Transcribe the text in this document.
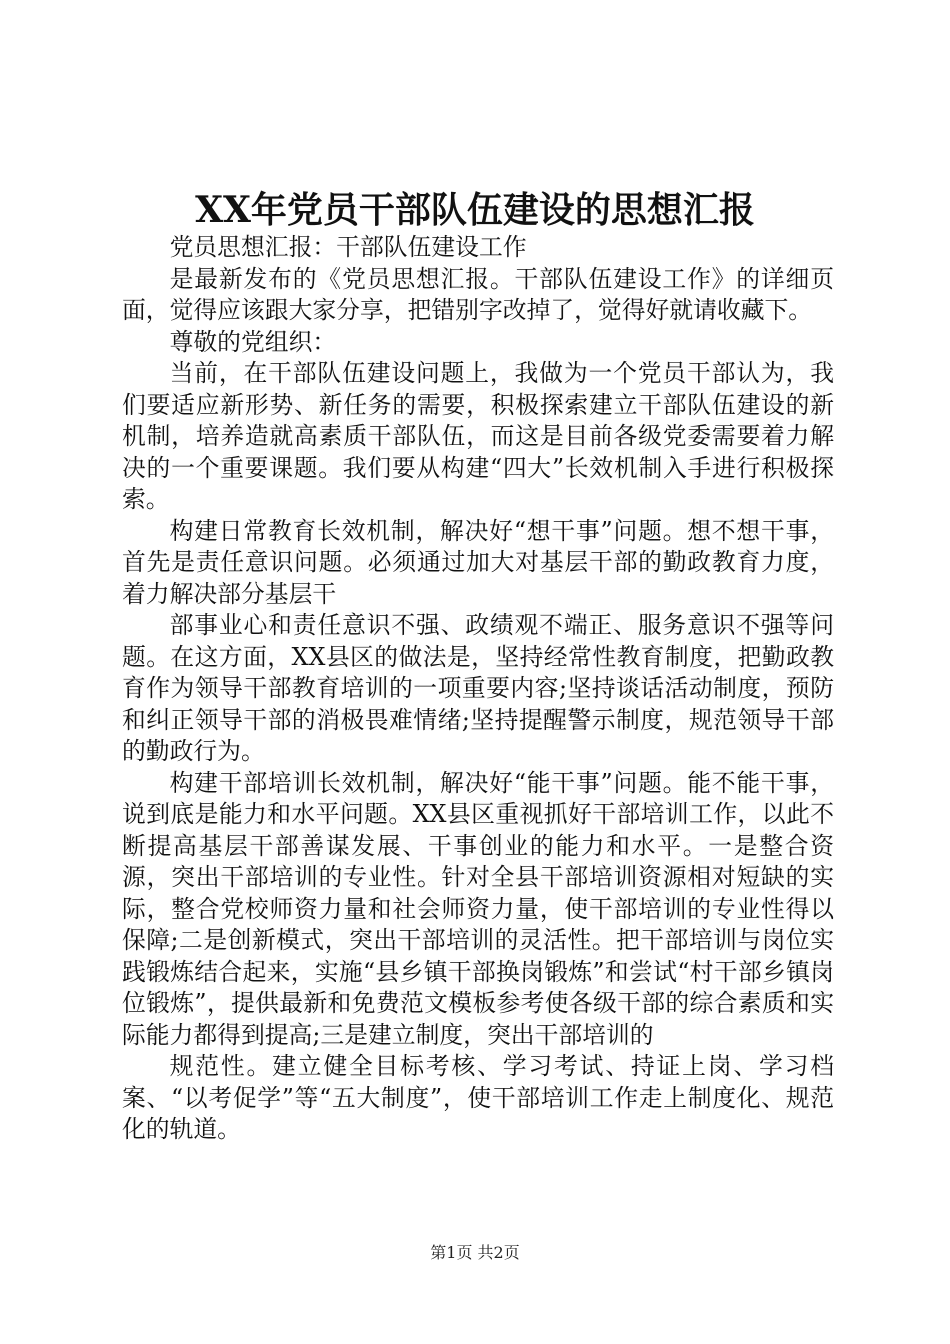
XX年党员干部队伍建设的思想汇报

党员思想汇报：干部队伍建设工作

是最新发布的《党员思想汇报。干部队伍建设工作》的详细页面，觉得应该跟大家分享，把错别字改掉了，觉得好就请收藏下。

尊敬的党组织：

当前，在干部队伍建设问题上，我做为一个党员干部认为，我们要适应新形势、新任务的需要，积极探索建立干部队伍建设的新机制，培养造就高素质干部队伍，而这是目前各级党委需要着力解决的一个重要课题。我们要从构建“四大”长效机制入手进行积极探索。

构建日常教育长效机制，解决好“想干事”问题。想不想干事，首先是责任意识问题。必须通过加大对基层干部的勤政教育力度，着力解决部分基层干

部事业心和责任意识不强、政绩观不端正、服务意识不强等问题。在这方面，XX县区的做法是，坚持经常性教育制度，把勤政教育作为领导干部教育培训的一项重要内容;坚持谈话活动制度，预防和纠正领导干部的消极畏难情绪;坚持提醒警示制度，规范领导干部的勤政行为。

构建干部培训长效机制，解决好“能干事”问题。能不能干事，说到底是能力和水平问题。XX县区重视抓好干部培训工作，以此不断提高基层干部善谋发展、干事创业的能力和水平。一是整合资源，突出干部培训的专业性。针对全县干部培训资源相对短缺的实际，整合党校师资力量和社会师资力量，使干部培训的专业性得以保障;二是创新模式，突出干部培训的灵活性。把干部培训与岗位实践锻炼结合起来，实施“县乡镇干部换岗锻炼”和尝试“村干部乡镇岗位锻炼”，提供最新和免费范文模板参考使各级干部的综合素质和实际能力都得到提高;三是建立制度，突出干部培训的

规范性。建立健全目标考核、学习考试、持证上岗、学习档案、“以考促学”等“五大制度”，使干部培训工作走上制度化、规范化的轨道。

第1页 共2页
